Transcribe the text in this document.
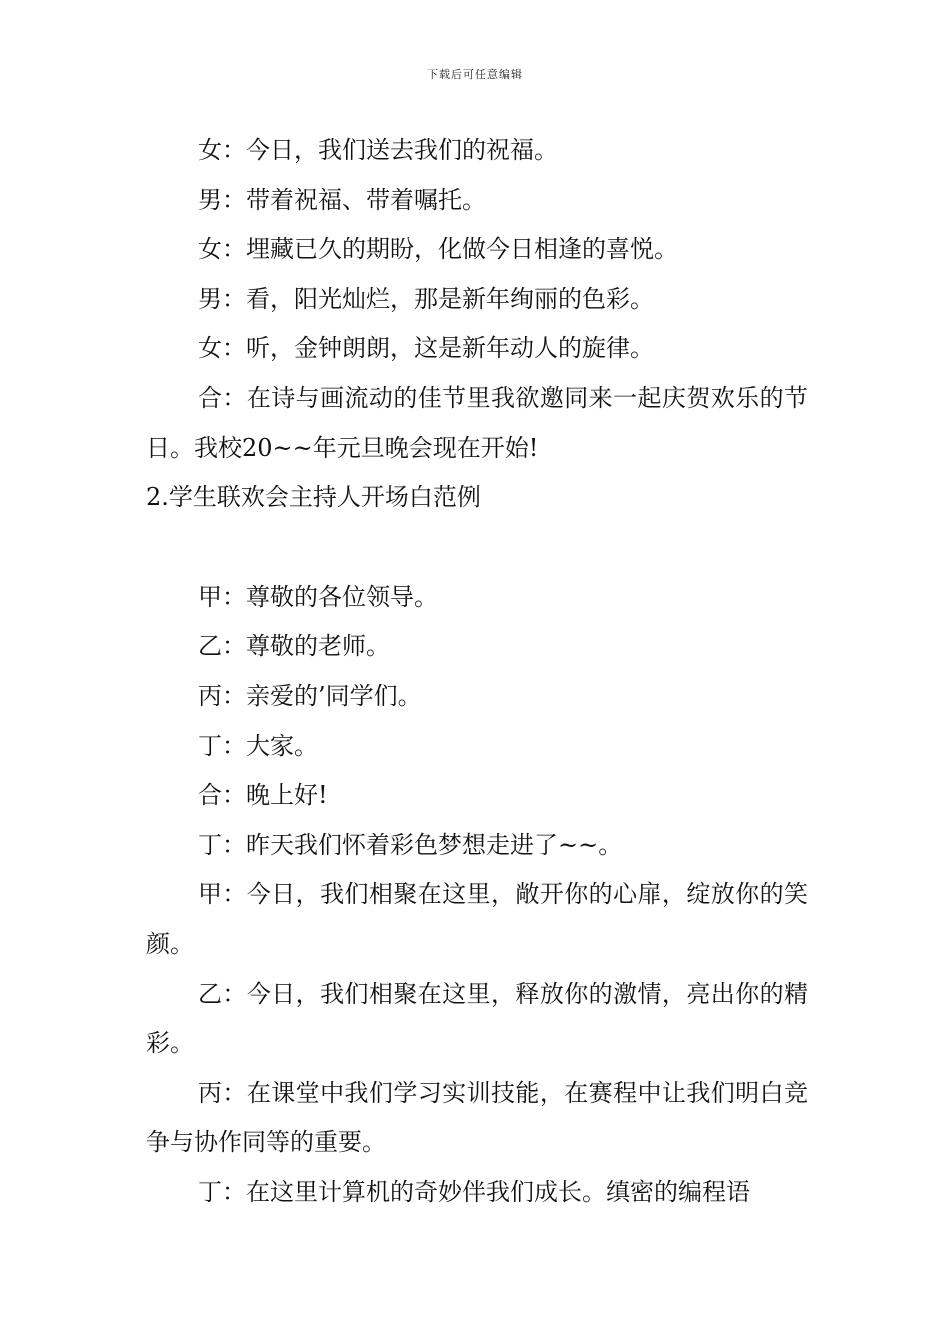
下载后可任意编辑

女：今日，我们送去我们的祝福。

男：带着祝福、带着嘱托。

女：埋藏已久的期盼，化做今日相逢的喜悦。

男：看，阳光灿烂，那是新年绚丽的色彩。

女：听，金钟朗朗，这是新年动人的旋律。

合：在诗与画流动的佳节里我欲邀同来一起庆贺欢乐的节日。我校20~~年元旦晚会现在开始!

2.学生联欢会主持人开场白范例

甲：尊敬的各位领导。

乙：尊敬的老师。

丙：亲爱的’同学们。

丁：大家。

合：晚上好!

丁：昨天我们怀着彩色梦想走进了~~。

甲：今日，我们相聚在这里，敞开你的心扉，绽放你的笑颜。

乙：今日，我们相聚在这里，释放你的激情，亮出你的精彩。

丙：在课堂中我们学习实训技能，在赛程中让我们明白竞争与协作同等的重要。

丁：在这里计算机的奇妙伴我们成长。缜密的编程语
